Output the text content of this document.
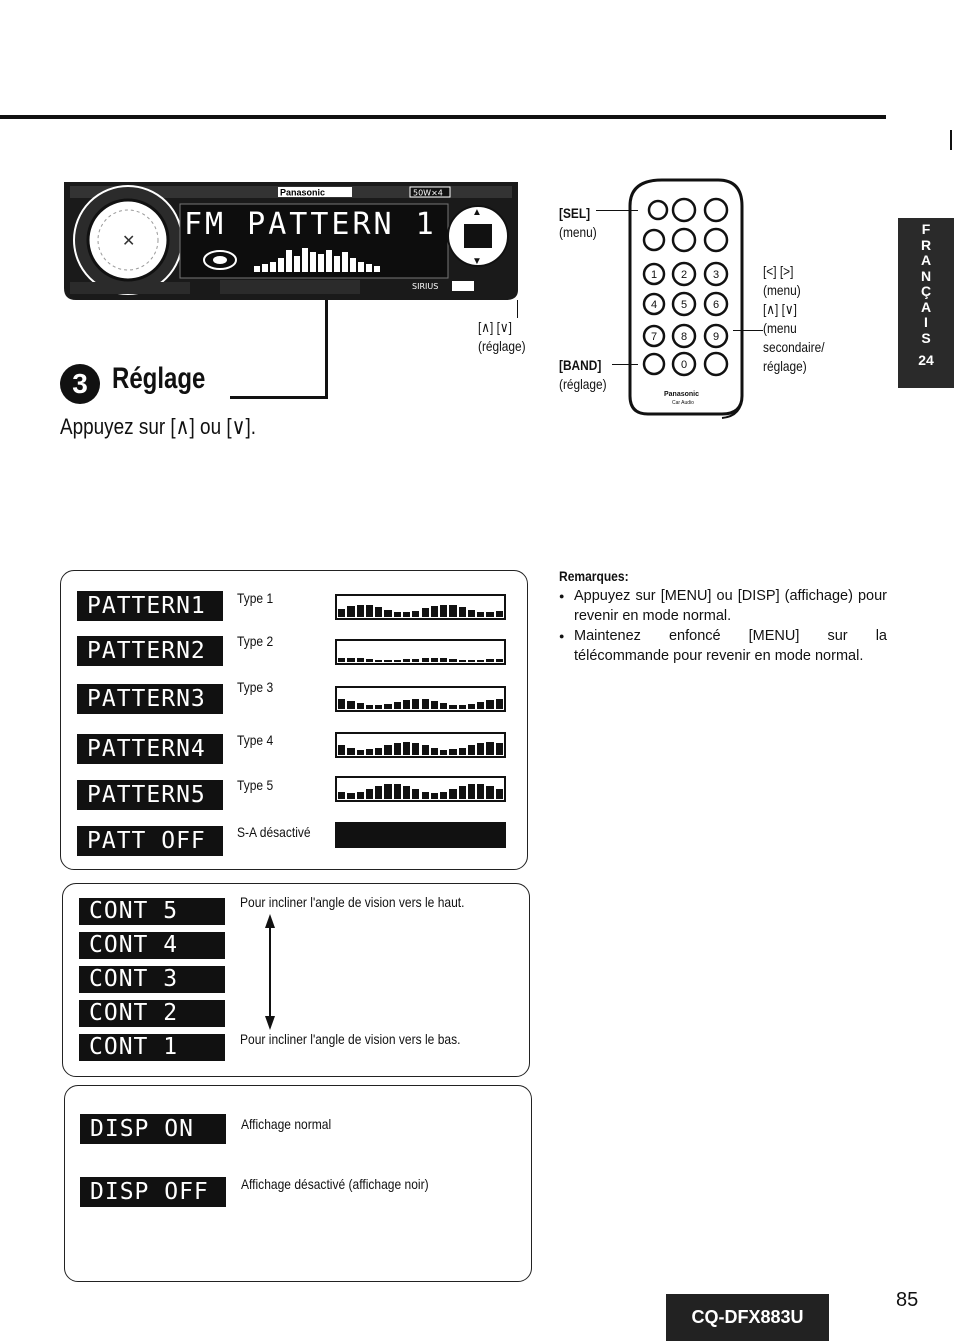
Panasonic	50W×4
✕ FM PATTERN 1	▲
▼
SIRIUS
[∧] [∨]
(réglage)
1 2 3
4 5 6
7 8 9
0
Panasonic
Car Audio
[SEL]
(menu)
[BAND]
(réglage)
[<] [>]
(menu)
[∧] [∨]
(menu
secondaire/
réglage)
3 Réglage
Appuyez sur [∧] ou [∨].
F
R
A
N
Ç
A
I
S
24
PATTERN1	Type 1
PATTERN2	Type 2
PATTERN3	Type 3
PATTERN4	Type 4
PATTERN5	Type 5
PATT OFF	S-A désactivé
CONT 5
CONT 4
CONT 3
CONT 2
CONT 1
Pour incliner l'angle de vision vers le haut.
Pour incliner l'angle de vision vers le bas.
DISP ON	Affichage normal
DISP OFF	Affichage désactivé (affichage noir)
Remarques:
● Appuyez sur [MENU] ou [DISP] (affichage) pour revenir en mode normal.
● Maintenez enfoncé [MENU] sur la télécommande pour revenir en mode normal.
CQ-DFX883U
85
